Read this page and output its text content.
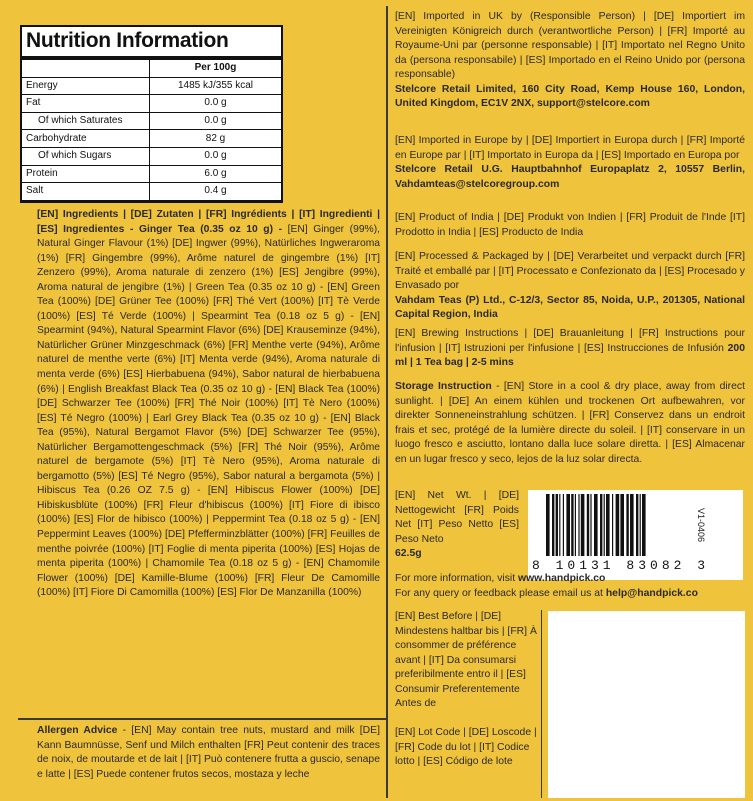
Nutrition Information
	Per 100g
Energy	1485 kJ/355 kcal
Fat	0.0 g
Of which Saturates	0.0 g
Carbohydrate	82 g
Of which Sugars	0.0 g
Protein	6.0 g
Salt	0.4 g
[EN] Ingredients | [DE] Zutaten | [FR] Ingrédients | [IT] Ingredienti | [ES] Ingredientes - Ginger Tea (0.35 oz 10 g) - [EN] Ginger (99%), Natural Ginger Flavour (1%) [DE] Ingwer (99%), Natürliches Ingweraroma (1%) [FR] Gingembre (99%), Arôme naturel de gingembre (1%) [IT] Zenzero (99%), Aroma naturale di zenzero (1%) [ES] Jengibre (99%), Aroma natural de jengibre (1%) | Green Tea (0.35 oz 10 g) - [EN] Green Tea (100%) [DE] Grüner Tee (100%) [FR] Thé Vert (100%) [IT] Tè Verde (100%) [ES] Té Verde (100%) | Spearmint Tea (0.18 oz 5 g) - [EN] Spearmint (94%), Natural Spearmint Flavor (6%) [DE] Krauseminze (94%), Natürlicher Grüner Minzgeschmack (6%) [FR] Menthe verte (94%), Arôme naturel de menthe verte (6%) [IT] Menta verde (94%), Aroma naturale di menta verde (6%) [ES] Hierbabuena (94%), Sabor natural de hierbabuena (6%) | English Breakfast Black Tea (0.35 oz 10 g) - [EN] Black Tea (100%) [DE] Schwarzer Tee (100%) [FR] Thé Noir (100%) [IT] Tè Nero (100%) [ES] Té Negro (100%) | Earl Grey Black Tea (0.35 oz 10 g) - [EN] Black Tea (95%), Natural Bergamot Flavor (5%) [DE] Schwarzer Tee (95%), Natürlicher Bergamottengeschmack (5%) [FR] Thé Noir (95%), Arôme naturel de bergamote (5%) [IT] Tè Nero (95%), Aroma naturale di bergamotto (5%) [ES] Té Negro (95%), Sabor natural a bergamota (5%) | Hibiscus Tea (0.26 OZ 7.5 g) - [EN] Hibiscus Flower (100%) [DE] Hibiskusblüte (100%) [FR] Fleur d'hibiscus (100%) [IT] Fiore di ibisco (100%) [ES] Flor de hibisco (100%) | Peppermint Tea (0.18 oz 5 g) - [EN] Peppermint Leaves (100%) [DE] Pfefferminzblätter (100%) [FR] Feuilles de menthe poivrée (100%) [IT] Foglie di menta piperita (100%) [ES] Hojas de menta piperita (100%) | Chamomile Tea (0.18 oz 5 g) - [EN] Chamomile Flower (100%) [DE] Kamille-Blume (100%) [FR] Fleur De Camomille (100%) [IT] Fiore Di Camomilla (100%) [ES] Flor De Manzanilla (100%)
Allergen Advice - [EN] May contain tree nuts, mustard and milk [DE] Kann Baumnüsse, Senf und Milch enthalten [FR] Peut contenir des traces de noix, de moutarde et de lait | [IT] Può contenere frutta a guscio, senape e latte | [ES] Puede contener frutos secos, mostaza y leche
[EN] Imported in UK by (Responsible Person) | [DE] Importiert im Vereinigten Königreich durch (verantwortliche Person) | [FR] Importé au Royaume-Uni par (personne responsable) | [IT] Importato nel Regno Unito da (persona responsabile) | [ES] Importado en el Reino Unido por (persona responsable)
Stelcore Retail Limited, 160 City Road, Kemp House 160, London, United Kingdom, EC1V 2NX, support@stelcore.com
[EN] Imported in Europe by | [DE] Importiert in Europa durch | [FR] Importé en Europe par | [IT] Importato in Europa da | [ES] Importado en Europa por
Stelcore Retail U.G. Hauptbahnhof Europaplatz 2, 10557 Berlin, Vahdamteas@stelcoregroup.com
[EN] Product of India | [DE] Produkt von Indien | [FR] Produit de l'Inde [IT] Prodotto in India | [ES] Producto de India
[EN] Processed & Packaged by | [DE] Verarbeitet und verpackt durch [FR] Traité et emballé par | [IT] Processato e Confezionato da | [ES] Procesado y Envasado por
Vahdam Teas (P) Ltd., C-12/3, Sector 85, Noida, U.P., 201305, National Capital Region, India
[EN] Brewing Instructions | [DE] Brauanleitung | [FR] Instructions pour l'infusion | [IT] Istruzioni per l'infusione | [ES] Instrucciones de Infusión 200 ml | 1 Tea bag | 2-5 mins
Storage Instruction - [EN] Store in a cool & dry place, away from direct sunlight. | [DE] An einem kühlen und trockenen Ort aufbewahren, vor direkter Sonneneinstrahlung schützen. | [FR] Conservez dans un endroit frais et sec, protégé de la lumière directe du soleil. | [IT] conservare in un luogo fresco e asciutto, lontano dalla luce solare diretta. | [ES] Almacenar en un lugar fresco y seco, lejos de la luz solar directa.
[EN] Net Wt. | [DE] Nettogewicht [FR] Poids Net [IT] Peso Netto [ES] Peso Neto
62.5g
8 10131 83082 3
V1-0406
For more information, visit www.handpick.co
For any query or feedback please email us at help@handpick.co
[EN] Best Before | [DE] Mindestens haltbar bis | [FR] À consommer de préférence avant | [IT] Da consumarsi preferibilmente entro il | [ES] Consumir Preferentemente Antes de
[EN] Lot Code | [DE] Loscode | [FR] Code du lot | [IT] Codice lotto | [ES] Código de lote
